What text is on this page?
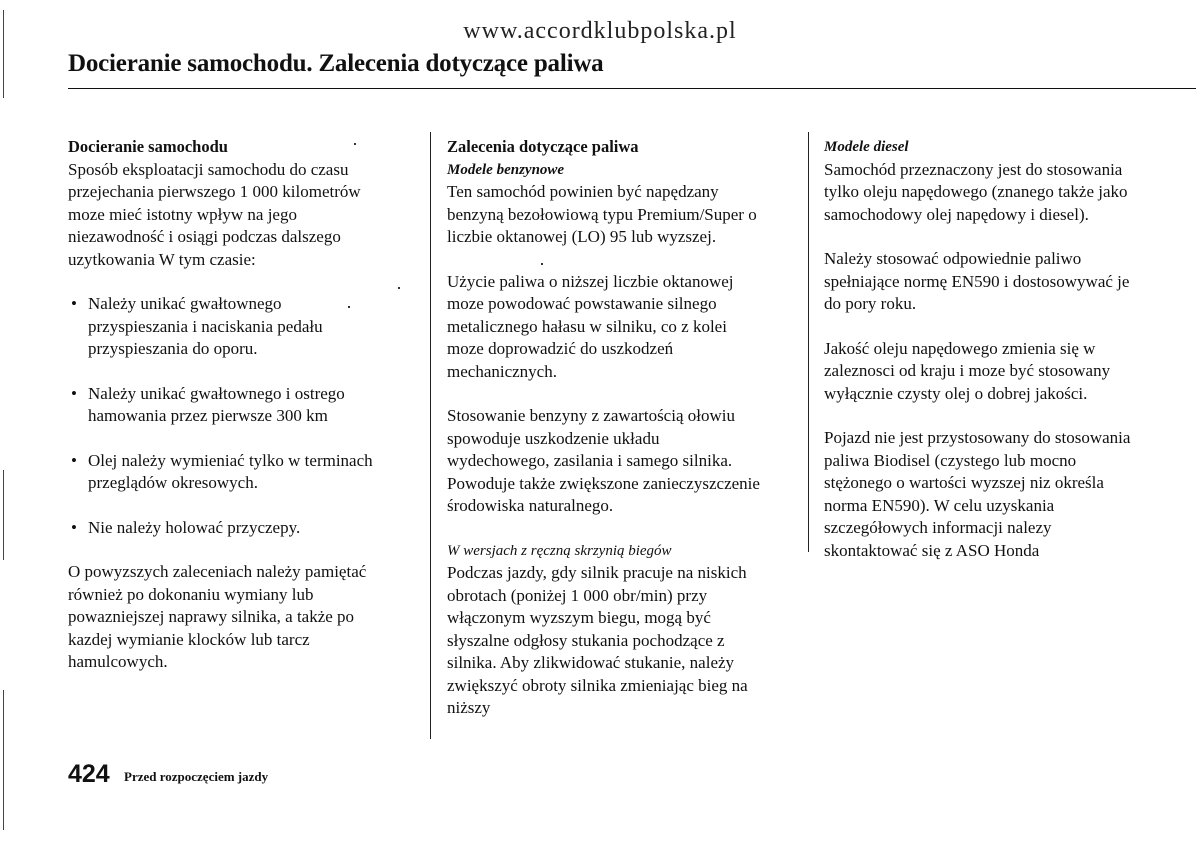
www.accordklubpolska.pl
Docieranie samochodu. Zalecenia dotyczące paliwa

Docieranie samochodu

Sposób eksploatacji samochodu do czasu

przejechania pierwszego 1 000 kilometrów

moze mieć istotny wpływ na jego

niezawodność i osiągi podczas dalszego

uzytkowania W tym czasie:

• Należy unikać gwałtownego

przyspieszania i naciskania pedału

przyspieszania do oporu.

• Należy unikać gwałtownego i ostrego

hamowania przez pierwsze 300 km

• Olej należy wymieniać tylko w terminach

przeglądów okresowych.

• Nie należy holować przyczepy.

O powyzszych zaleceniach należy pamiętać

również po dokonaniu wymiany lub

powazniejszej naprawy silnika, a także po

kazdej wymianie klocków lub tarcz

hamulcowych.

Zalecenia dotyczące paliwa

Modele benzynowe

Ten samochód powinien być napędzany

benzyną bezołowiową typu Premium/Super o

liczbie oktanowej (LO) 95 lub wyzszej.

Użycie paliwa o niższej liczbie oktanowej

moze powodować powstawanie silnego

metalicznego hałasu w silniku, co z kolei

moze doprowadzić do uszkodzeń

mechanicznych.

Stosowanie benzyny z zawartością ołowiu

spowoduje uszkodzenie układu

wydechowego, zasilania i samego silnika.

Powoduje także zwiększone zanieczyszczenie

środowiska naturalnego.

W wersjach z ręczną skrzynią biegów

Podczas jazdy, gdy silnik pracuje na niskich

obrotach (poniżej 1 000 obr/min) przy

włączonym wyzszym biegu, mogą być

słyszalne odgłosy stukania pochodzące z

silnika. Aby zlikwidować stukanie, należy

zwiększyć obroty silnika zmieniając bieg na

niższy

Modele diesel

Samochód przeznaczony jest do stosowania

tylko oleju napędowego (znanego także jako

samochodowy olej napędowy i diesel).

Należy stosować odpowiednie paliwo

spełniające normę EN590 i dostosowywać je

do pory roku.

Jakość oleju napędowego zmienia się w

zaleznosci od kraju i moze być stosowany

wyłącznie czysty olej o dobrej jakości.

Pojazd nie jest przystosowany do stosowania

paliwa Biodisel (czystego lub mocno

stężonego o wartości wyzszej niz określa

norma EN590). W celu uzyskania

szczegółowych informacji nalezy

skontaktować się z ASO Honda

424 Przed rozpoczęciem jazdy
